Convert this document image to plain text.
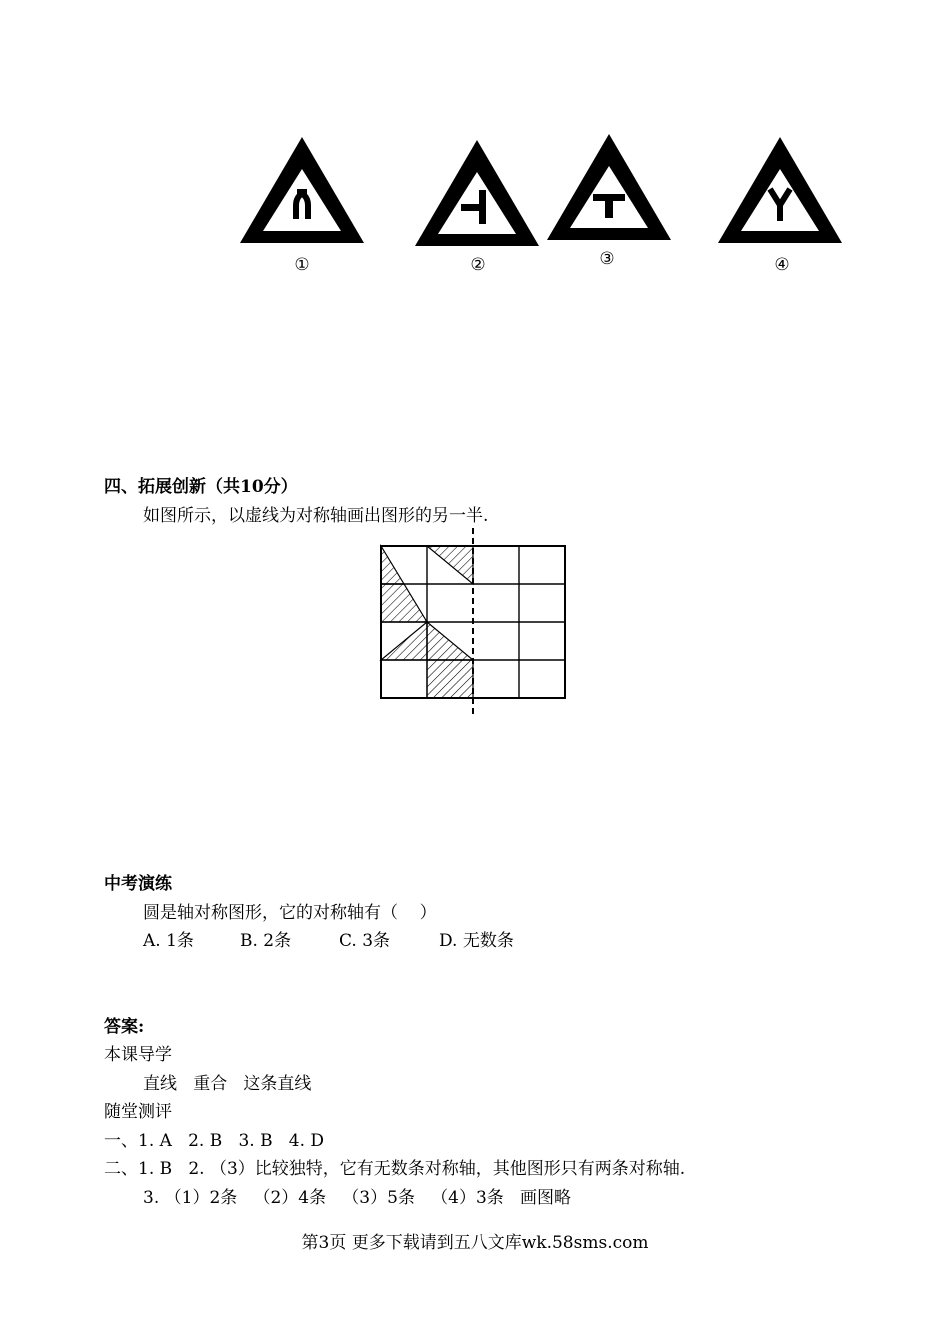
①	②	③	④
四、拓展创新（共10分）
如图所示，以虚线为对称轴画出图形的另一半.
中考演练
圆是轴对称图形，它的对称轴有（    ）
A. 1条	B. 2条	C. 3条	D. 无数条
答案:
本课导学
直线   重合   这条直线
随堂测评
一、1. A   2. B   3. B   4. D
二、1. B   2. （3）比较独特，它有无数条对称轴，其他图形只有两条对称轴.
3. （1）2条   （2）4条   （3）5条   （4）3条   画图略
第3页 更多下载请到五八文库wk.58sms.com
